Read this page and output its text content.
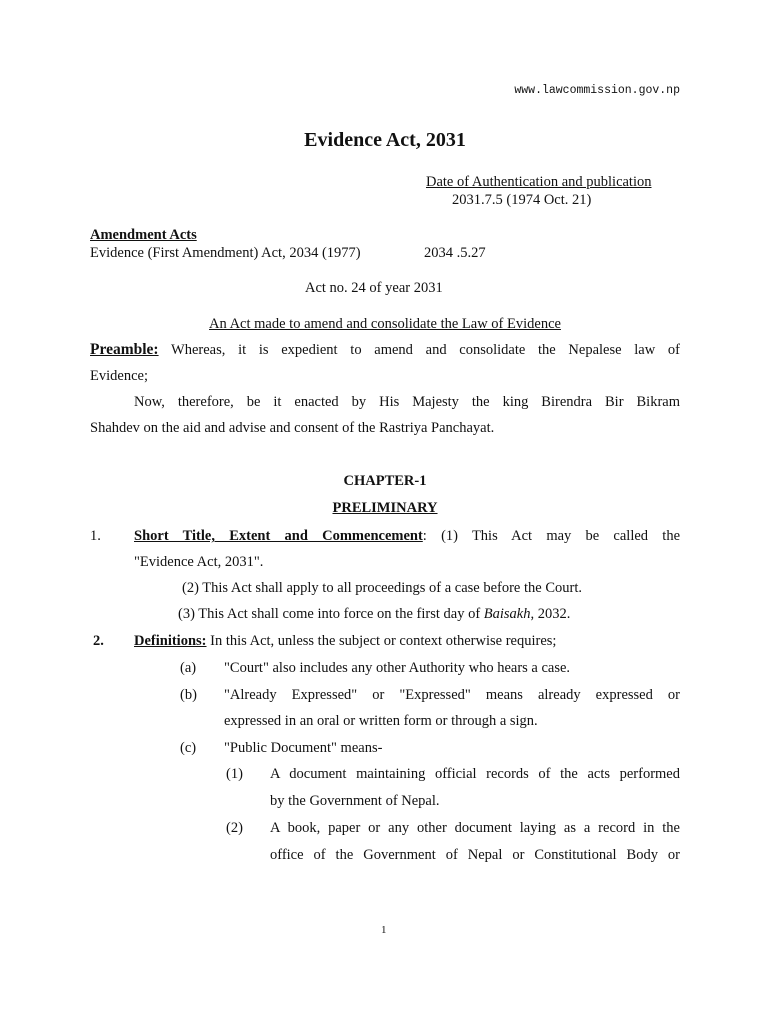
www.lawcommission.gov.np
Evidence Act, 2031
Date of Authentication and publication
2031.7.5 (1974 Oct. 21)
Amendment Acts
Evidence (First Amendment) Act, 2034 (1977)	2034 .5.27
Act no. 24 of year 2031
An Act made to amend and consolidate the Law of Evidence
Preamble: Whereas, it is expedient to amend and consolidate the Nepalese law of
Evidence;
Now, therefore, be it enacted by His Majesty the king Birendra Bir Bikram
Shahdev on the aid and advise and consent of the Rastriya Panchayat.
CHAPTER-1
PRELIMINARY
1. Short Title, Extent and Commencement: (1) This Act may be called the
"Evidence Act, 2031".
(2) This Act shall apply to all proceedings of a case before the Court.
(3) This Act shall come into force on the first day of Baisakh, 2032.
2. Definitions: In this Act, unless the subject or context otherwise requires;
(a) "Court" also includes any other Authority who hears a case.
(b) "Already Expressed" or "Expressed" means already expressed or
expressed in an oral or written form or through a sign.
(c) "Public Document" means-
(1) A document maintaining official records of the acts performed
by the Government of Nepal.
(2) A book, paper or any other document laying as a record in the
office of the Government of Nepal or Constitutional Body or
1
